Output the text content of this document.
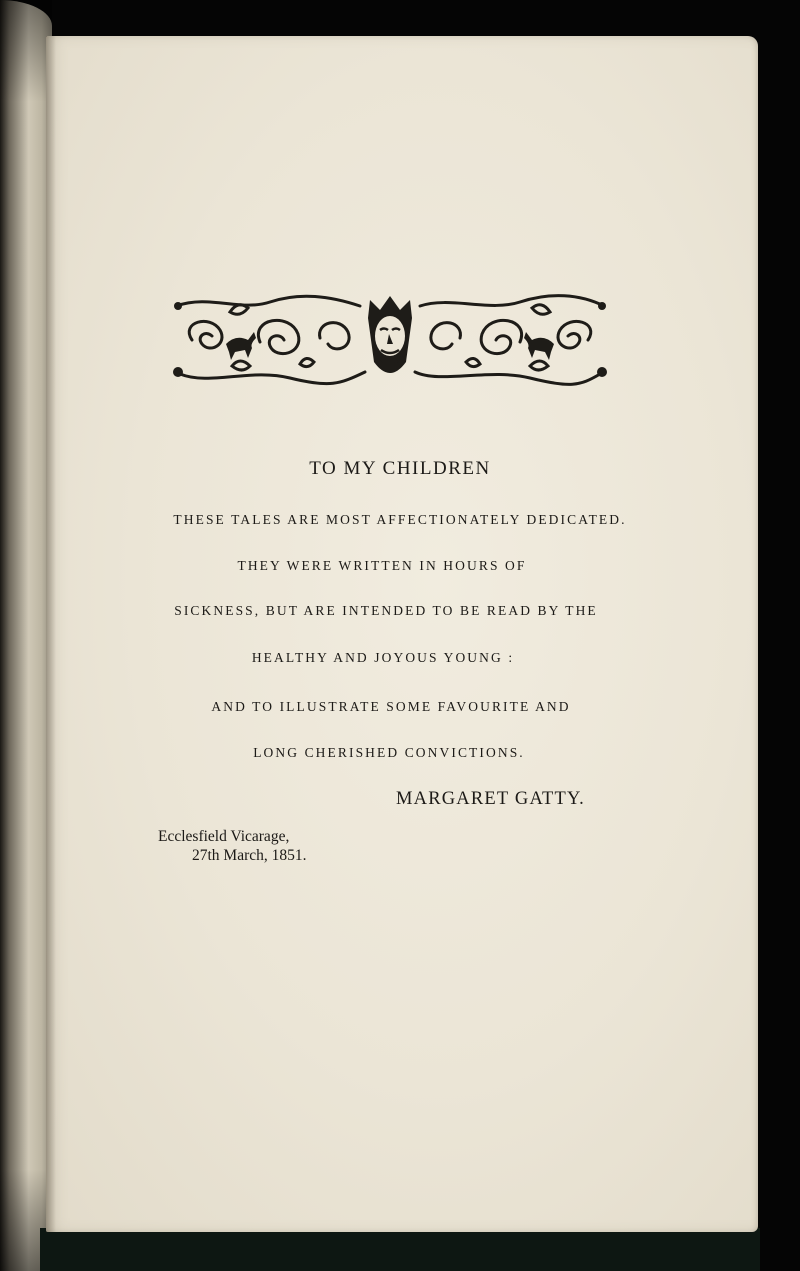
TO MY CHILDREN
THESE TALES ARE MOST AFFECTIONATELY DEDICATED.
THEY WERE WRITTEN IN HOURS OF
SICKNESS, BUT ARE INTENDED TO BE READ BY THE
HEALTHY AND JOYOUS YOUNG :
AND TO ILLUSTRATE SOME FAVOURITE AND
LONG CHERISHED CONVICTIONS.
MARGARET GATTY.
Ecclesfield Vicarage,
27th March, 1851.
